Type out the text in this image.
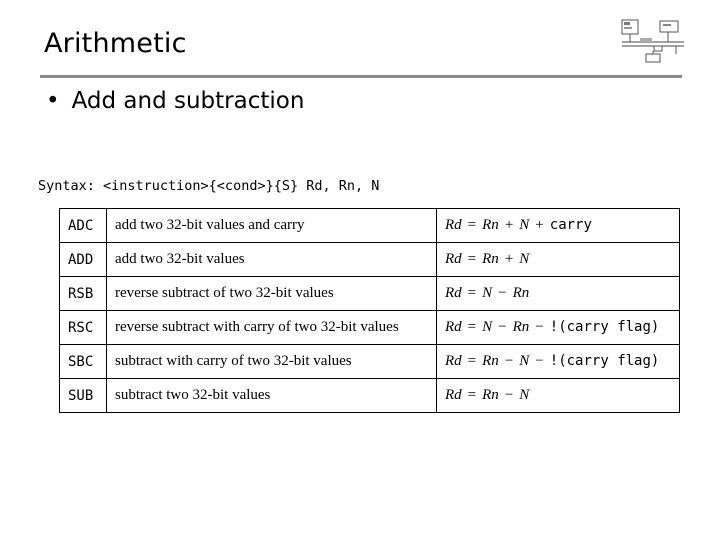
Arithmetic
• Add and subtraction
Syntax: <instruction>{<cond>}{S} Rd, Rn, N
ADC	add two 32-bit values and carry	Rd = Rn + N + carry
ADD	add two 32-bit values	Rd = Rn + N
RSB	reverse subtract of two 32-bit values	Rd = N − Rn
RSC	reverse subtract with carry of two 32-bit values	Rd = N − Rn − !(carry flag)
SBC	subtract with carry of two 32-bit values	Rd = Rn − N − !(carry flag)
SUB	subtract two 32-bit values	Rd = Rn − N
